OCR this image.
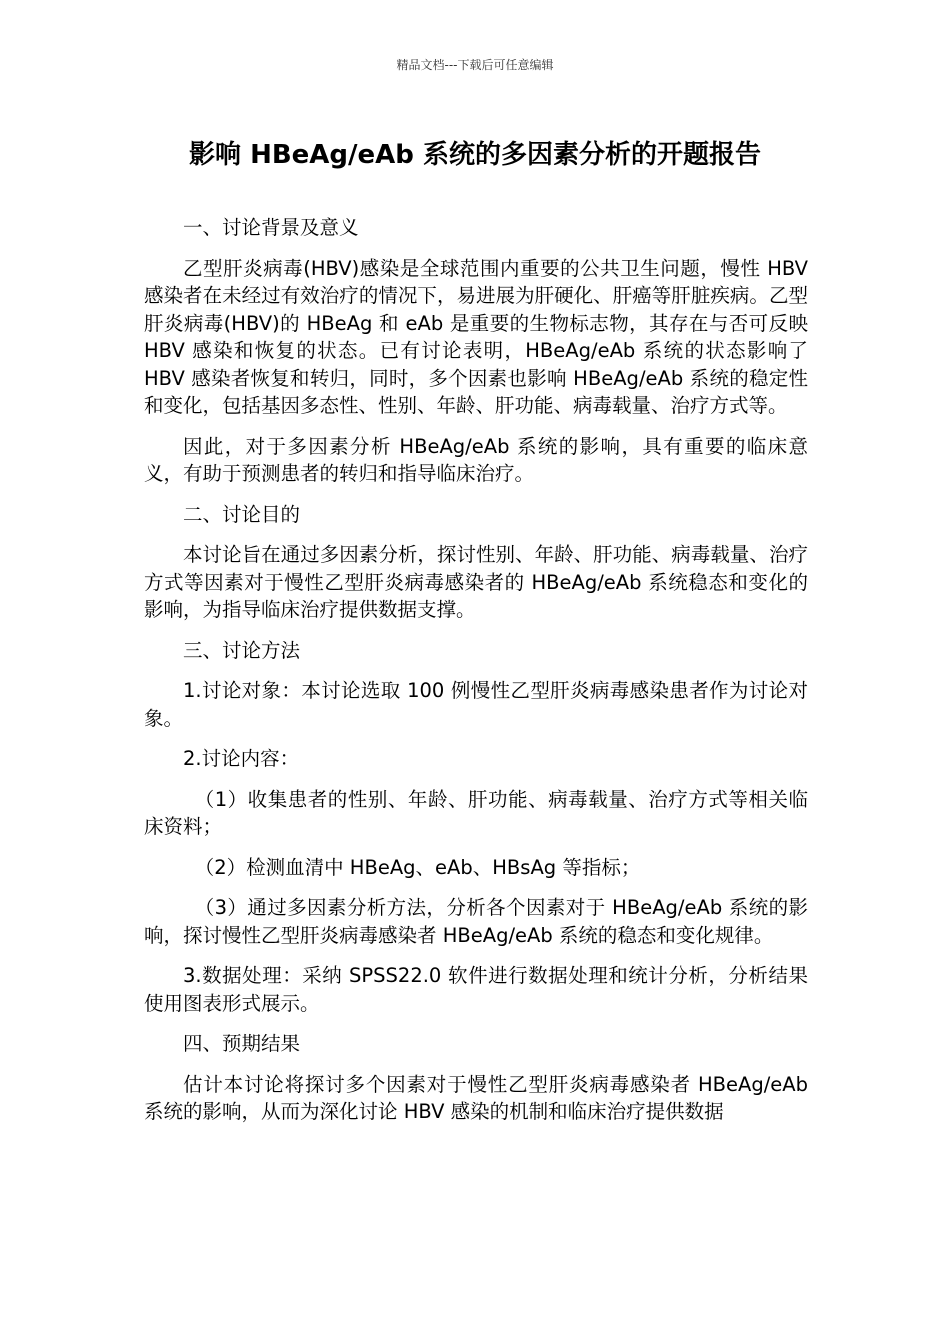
精品文档---下载后可任意编辑
影响 HBeAg/eAb 系统的多因素分析的开题报告

一、讨论背景及意义

乙型肝炎病毒(HBV)感染是全球范围内重要的公共卫生问题，慢性 HBV 感染者在未经过有效治疗的情况下，易进展为肝硬化、肝癌等肝脏疾病。乙型肝炎病毒(HBV)的 HBeAg 和 eAb 是重要的生物标志物，其存在与否可反映 HBV 感染和恢复的状态。已有讨论表明，HBeAg/eAb 系统的状态影响了 HBV 感染者恢复和转归，同时，多个因素也影响 HBeAg/eAb 系统的稳定性和变化，包括基因多态性、性别、年龄、肝功能、病毒载量、治疗方式等。

因此，对于多因素分析 HBeAg/eAb 系统的影响，具有重要的临床意义，有助于预测患者的转归和指导临床治疗。

二、讨论目的

本讨论旨在通过多因素分析，探讨性别、年龄、肝功能、病毒载量、治疗方式等因素对于慢性乙型肝炎病毒感染者的 HBeAg/eAb 系统稳态和变化的影响，为指导临床治疗提供数据支撑。

三、讨论方法

1.讨论对象：本讨论选取 100 例慢性乙型肝炎病毒感染患者作为讨论对象。

2.讨论内容：

（1）收集患者的性别、年龄、肝功能、病毒载量、治疗方式等相关临床资料；

（2）检测血清中 HBeAg、eAb、HBsAg 等指标；

（3）通过多因素分析方法，分析各个因素对于 HBeAg/eAb 系统的影响，探讨慢性乙型肝炎病毒感染者 HBeAg/eAb 系统的稳态和变化规律。

3.数据处理：采纳 SPSS22.0 软件进行数据处理和统计分析，分析结果使用图表形式展示。

四、预期结果

估计本讨论将探讨多个因素对于慢性乙型肝炎病毒感染者 HBeAg/eAb 系统的影响，从而为深化讨论 HBV 感染的机制和临床治疗提供数据
